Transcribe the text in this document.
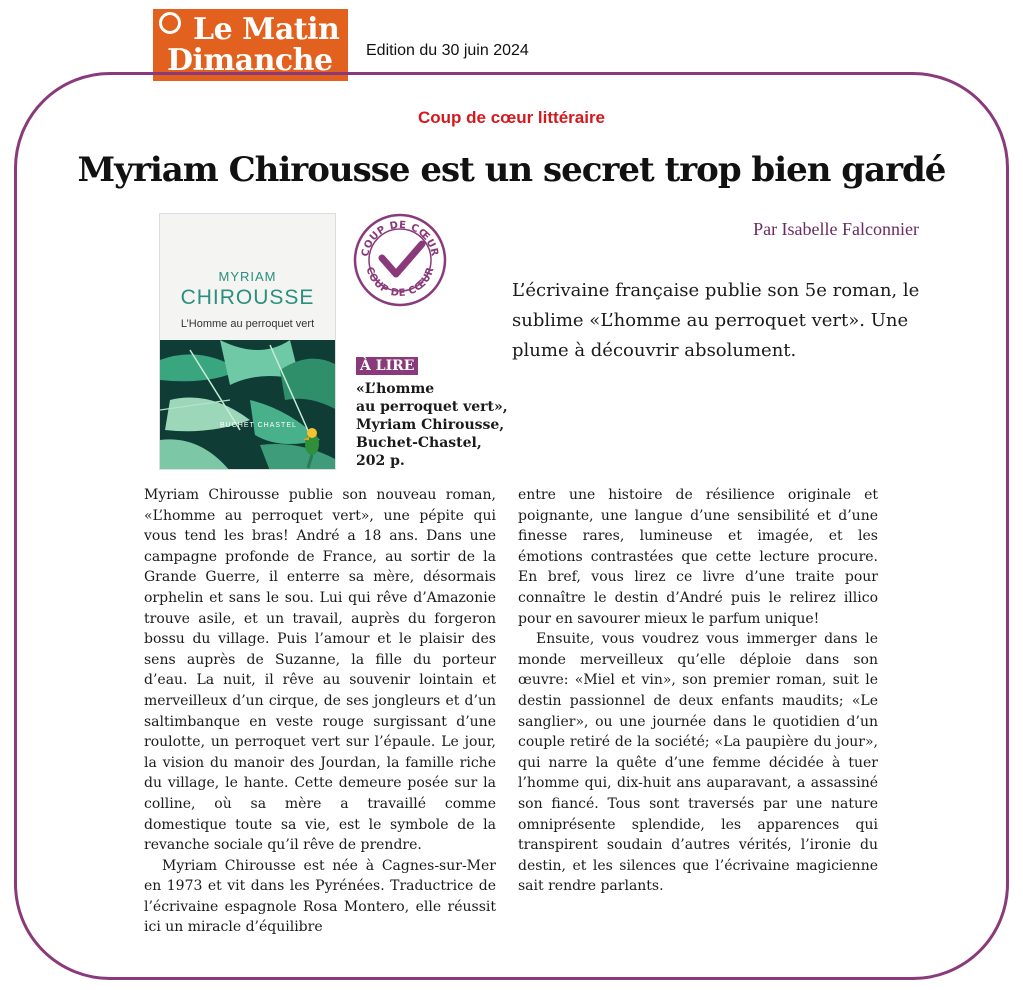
Le Matin
Dimanche Edition du 30 juin 2024
Coup de cœur littéraire
Myriam Chirousse est un secret trop bien gardé
Par Isabelle Falconnier
L’écrivaine française publie son 5e roman, le sublime «L’homme au perroquet vert». Une plume à découvrir absolument.
MYRIAM
CHIROUSSE
L’Homme au perroquet vert
BUCHET CHASTEL
COUP DE CŒUR
COUP DE CŒUR
À LIRE
«L’homme
au perroquet vert»,
Myriam Chirousse,
Buchet-Chastel,
202 p.

Myriam Chirousse publie son nouveau roman, «L’homme au perroquet vert», une pépite qui vous tend les bras! André a 18 ans. Dans une campagne profonde de France, au sortir de la Grande Guerre, il enterre sa mère, désormais orphelin et sans le sou. Lui qui rêve d’Amazonie trouve asile, et un travail, auprès du forgeron bossu du village. Puis l’amour et le plaisir des sens auprès de Suzanne, la fille du porteur d’eau. La nuit, il rêve au souvenir lointain et merveilleux d’un cirque, de ses jongleurs et d’un saltimbanque en veste rouge surgissant d’une roulotte, un perroquet vert sur l’épaule. Le jour, la vision du manoir des Jourdan, la famille riche du village, le hante. Cette demeure posée sur la colline, où sa mère a travaillé comme domestique toute sa vie, est le symbole de la revanche sociale qu’il rêve de prendre.

Myriam Chirousse est née à Cagnes-sur-Mer en 1973 et vit dans les Pyrénées. Traductrice de l’écrivaine espagnole Rosa Montero, elle réussit ici un miracle d’équilibre

entre une histoire de résilience originale et poignante, une langue d’une sensibilité et d’une finesse rares, lumineuse et imagée, et les émotions contrastées que cette lecture procure. En bref, vous lirez ce livre d’une traite pour connaître le destin d’André puis le relirez illico pour en savourer mieux le parfum unique!

Ensuite, vous voudrez vous immerger dans le monde merveilleux qu’elle déploie dans son œuvre: «Miel et vin», son premier roman, suit le destin passionnel de deux enfants maudits; «Le sanglier», ou une journée dans le quotidien d’un couple retiré de la société; «La paupière du jour», qui narre la quête d’une femme décidée à tuer l’homme qui, dix-huit ans auparavant, a assassiné son fiancé. Tous sont traversés par une nature omniprésente splendide, les apparences qui transpirent soudain d’autres vérités, l’ironie du destin, et les silences que l’écrivaine magicienne sait rendre parlants.
